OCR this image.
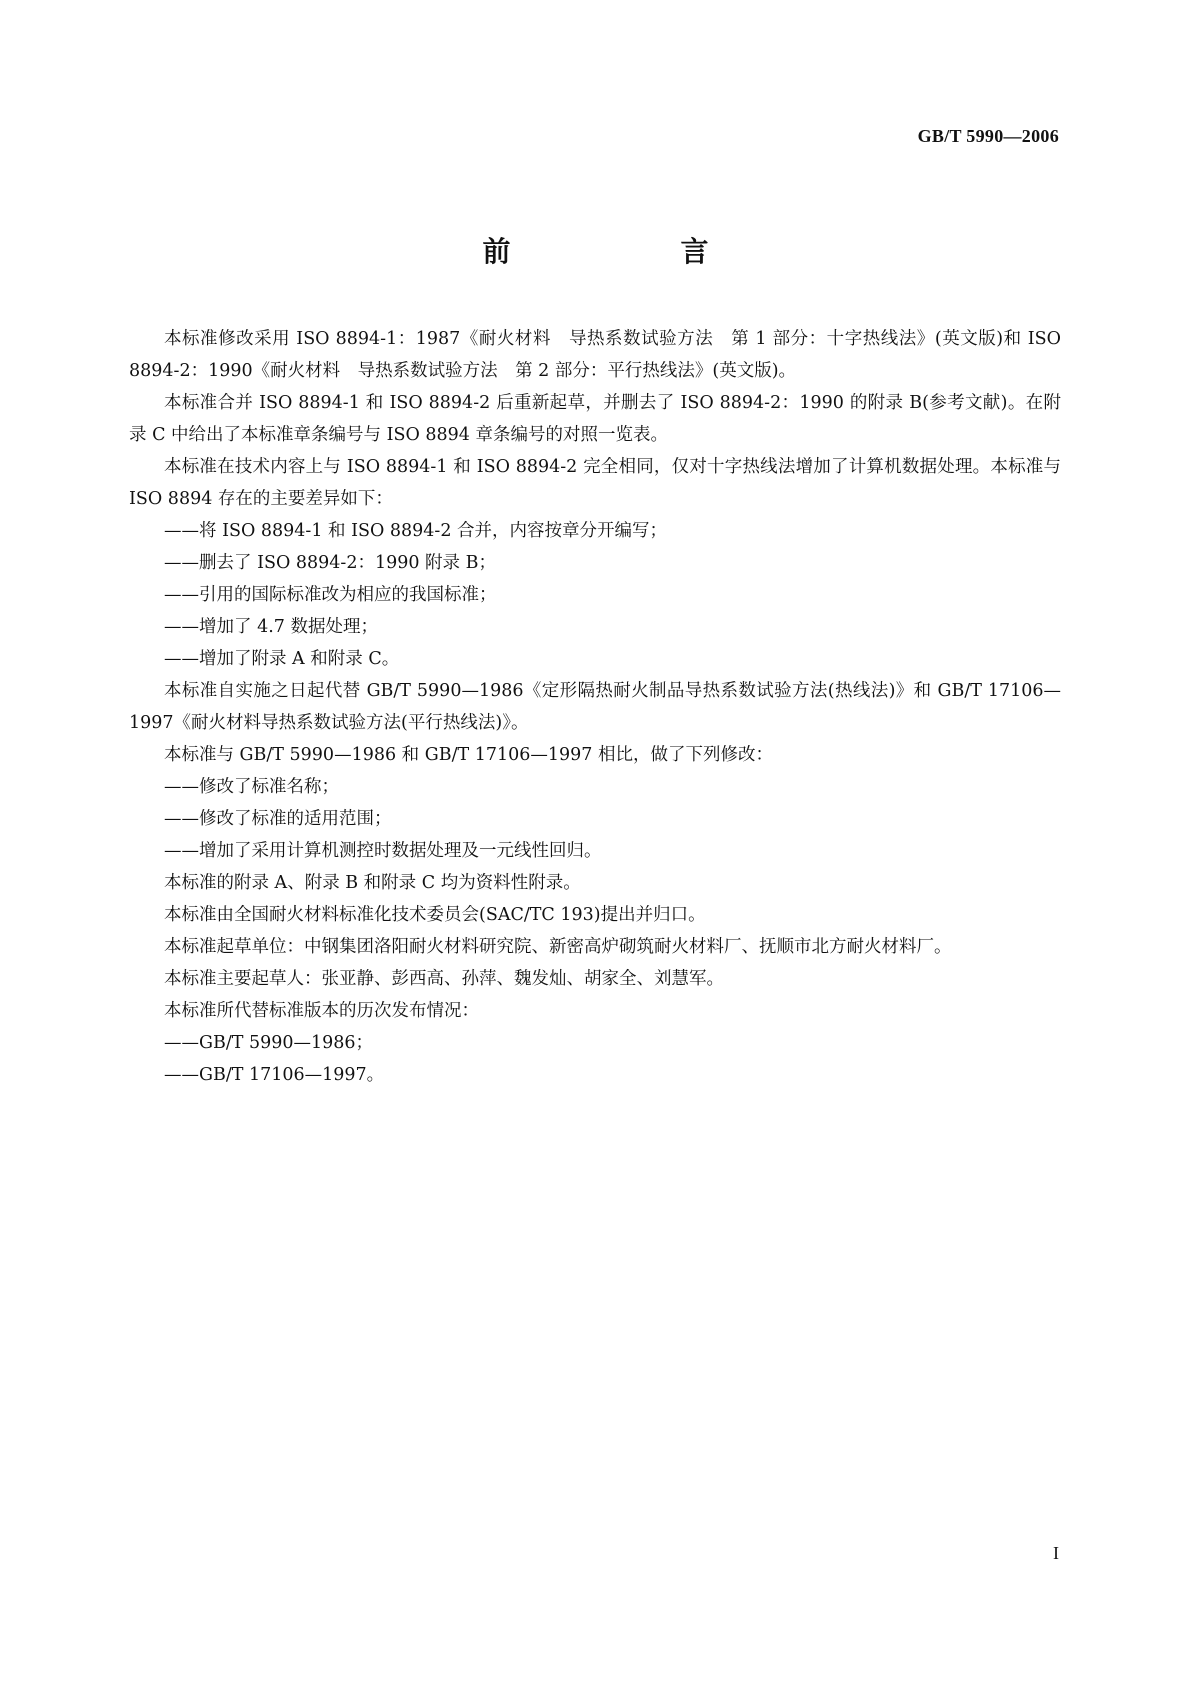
GB/T 5990—2006
前　　言

本标准修改采用 ISO 8894-1：1987《耐火材料　导热系数试验方法　第 1 部分：十字热线法》(英文版)和 ISO 8894-2：1990《耐火材料　导热系数试验方法　第 2 部分：平行热线法》(英文版)。

本标准合并 ISO 8894-1 和 ISO 8894-2 后重新起草，并删去了 ISO 8894-2：1990 的附录 B(参考文献)。在附录 C 中给出了本标准章条编号与 ISO 8894 章条编号的对照一览表。

本标准在技术内容上与 ISO 8894-1 和 ISO 8894-2 完全相同，仅对十字热线法增加了计算机数据处理。本标准与 ISO 8894 存在的主要差异如下：

——将 ISO 8894-1 和 ISO 8894-2 合并，内容按章分开编写；

——删去了 ISO 8894-2：1990 附录 B；

——引用的国际标准改为相应的我国标准；

——增加了 4.7 数据处理；

——增加了附录 A 和附录 C。

本标准自实施之日起代替 GB/T 5990—1986《定形隔热耐火制品导热系数试验方法(热线法)》和 GB/T 17106—1997《耐火材料导热系数试验方法(平行热线法)》。

本标准与 GB/T 5990—1986 和 GB/T 17106—1997 相比，做了下列修改：

——修改了标准名称；

——修改了标准的适用范围；

——增加了采用计算机测控时数据处理及一元线性回归。

本标准的附录 A、附录 B 和附录 C 均为资料性附录。

本标准由全国耐火材料标准化技术委员会(SAC/TC 193)提出并归口。

本标准起草单位：中钢集团洛阳耐火材料研究院、新密高炉砌筑耐火材料厂、抚顺市北方耐火材料厂。

本标准主要起草人：张亚静、彭西高、孙萍、魏发灿、胡家全、刘慧军。

本标准所代替标准版本的历次发布情况：

——GB/T 5990—1986；

——GB/T 17106—1997。

I
